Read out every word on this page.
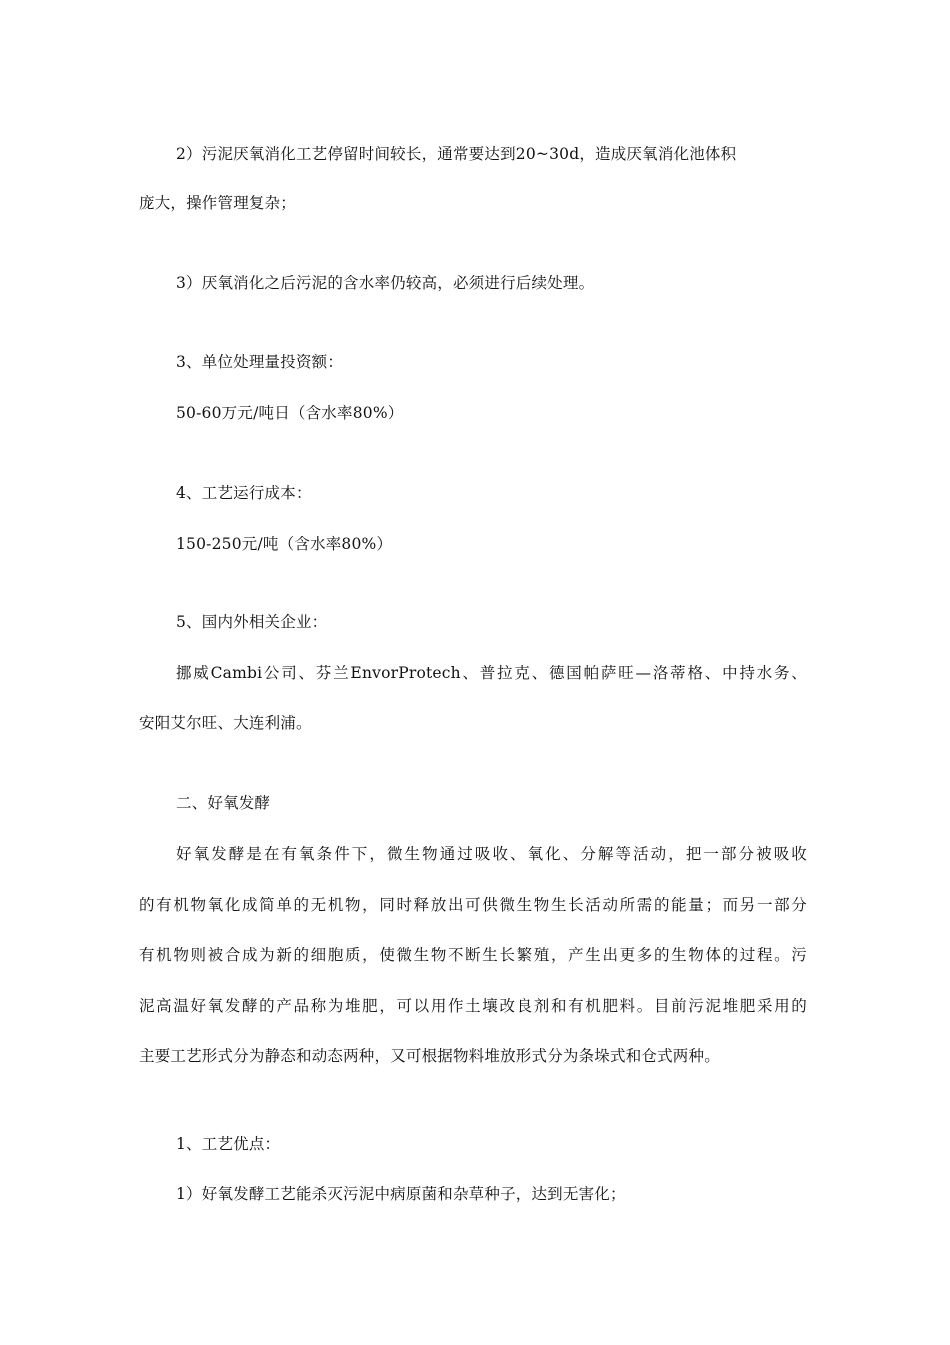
2）污泥厌氧消化工艺停留时间较长，通常要达到20~30d，造成厌氧消化池体积
庞大，操作管理复杂；
3）厌氧消化之后污泥的含水率仍较高，必须进行后续处理。
3、单位处理量投资额：
50-60万元/吨日（含水率80%）
4、工艺运行成本：
150-250元/吨（含水率80%）
5、国内外相关企业：
挪威Cambi公司、芬兰EnvorProtech、普拉克、德国帕萨旺—洛蒂格、中持水务、
安阳艾尔旺、大连利浦。
二、好氧发酵
好氧发酵是在有氧条件下，微生物通过吸收、氧化、分解等活动，把一部分被吸收
的有机物氧化成简单的无机物，同时释放出可供微生物生长活动所需的能量；而另一部分
有机物则被合成为新的细胞质，使微生物不断生长繁殖，产生出更多的生物体的过程。污
泥高温好氧发酵的产品称为堆肥，可以用作土壤改良剂和有机肥料。目前污泥堆肥采用的
主要工艺形式分为静态和动态两种，又可根据物料堆放形式分为条垛式和仓式两种。
1、工艺优点：
1）好氧发酵工艺能杀灭污泥中病原菌和杂草种子，达到无害化；
